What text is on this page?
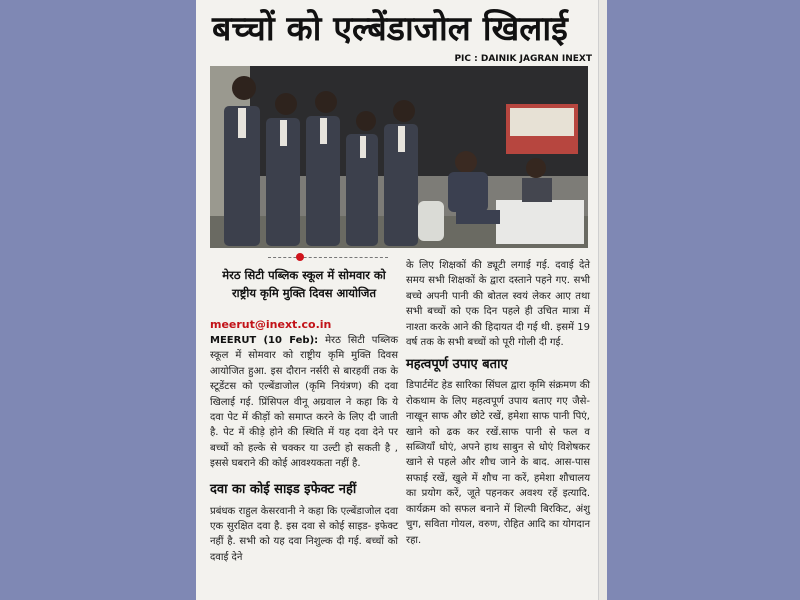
बच्चों को एल्बेंडाजोल खिलाई
PIC : DAINIK JAGRAN INEXT
मेरठ सिटी पब्लिक स्कूल में सोमवार को राष्ट्रीय कृमि मुक्ति दिवस आयोजित
meerut@inext.co.in
MEERUT (10 Feb): मेरठ सिटी पब्लिक स्कूल में सोमवार को राष्ट्रीय कृमि मुक्ति दिवस आयोजित हुआ. इस दौरान नर्सरी से बारहवीं तक के स्टूडेंटस को एल्बेंडाजोल (कृमि नियंत्रण) की दवा खिलाई गई. प्रिंसिपल वीनू अग्रवाल ने कहा कि ये दवा पेट में कीड़ों को समाप्त करने के लिए दी जाती है. पेट में कीड़े होने की स्थिति में यह दवा देने पर बच्चों को हल्के से चक्कर या उल्टी हो सकती है , इससे घबराने की कोई आवश्यकता नहीं है.
दवा का कोई साइड इफेक्ट नहीं
प्रबंधक राहुल केसरवानी ने कहा कि एल्बेंडाजोल दवा एक सुरक्षित दवा है. इस दवा से कोई साइड- इफेक्ट नहीं है. सभी को यह दवा निशुल्क दी गई. बच्चों को दवाई देने
के लिए शिक्षकों की ड्यूटी लगाई गई. दवाई देते समय सभी शिक्षकों के द्वारा दस्ताने पहने गए. सभी बच्चे अपनी पानी की बोतल स्वयं लेकर आए तथा सभी बच्चों को एक दिन पहले ही उचित मात्रा में नाश्ता करके आने की हिदायत दी गई थी. इसमें 19 वर्ष तक के सभी बच्चों को पूरी गोली दी गई.
महत्वपूर्ण उपाए बताए
डिपार्टमेंट हेड सारिका सिंघल द्वारा कृमि संक्रमण की रोकथाम के लिए महत्वपूर्ण उपाय बताए गए जैसे- नाखून साफ और छोटे रखें, हमेशा साफ पानी पिएं, खाने को ढक कर रखें.साफ पानी से फल व सब्जियाँ धोएं, अपने हाथ साबुन से धोएं विशेषकर खाने से पहले और शौच जाने के बाद. आस-पास सफाई रखें, खुले में शौच ना करें, हमेशा शौचालय का प्रयोग करें, जूते पहनकर अवश्य रहें इत्यादि. कार्यक्रम को सफल बनाने में शिल्पी बिरकिट, अंशु चुग, सविता गोयल, वरुण, रोहित आदि का योगदान रहा.
